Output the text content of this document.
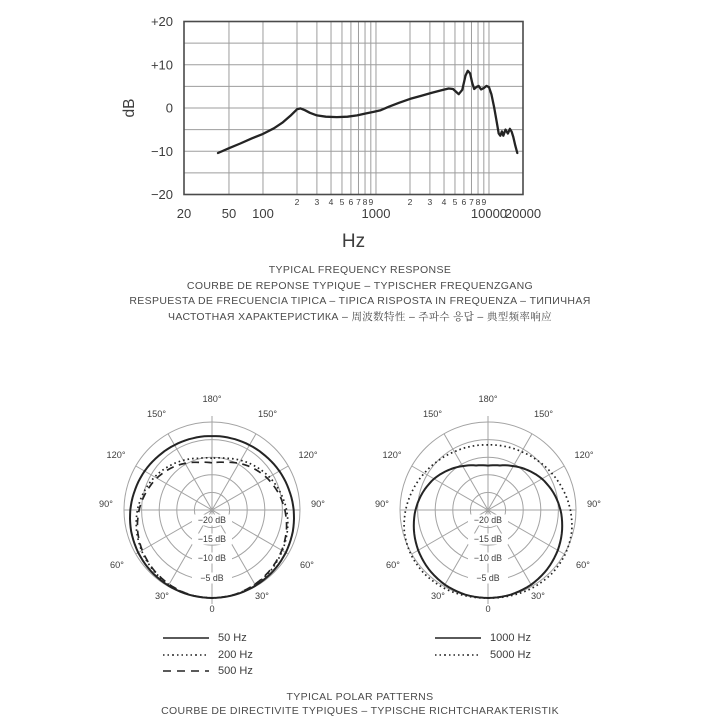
+20
+10
0
−10
−20
20 50 100	1000	10000
20000
2 3 4 5 6 7 8 9	2 3 4 5 6 7 8 9
Hz
dB
−20 dB
−15 dB
−10 dB
−5 dB
180°
150°	150°
120°	120°
90°	90°
60°	60°
30°	30°
0
−20 dB
−15 dB
−10 dB
−5 dB
180°
150°	150°
120°	120°
90°	90°
60°	60°
30°	30°
0
TYPICAL FREQUENCY RESPONSE
COURBE DE REPONSE TYPIQUE – TYPISCHER FREQUENZGANG
RESPUESTA DE FRECUENCIA TIPICA – TIPICA RISPOSTA IN FREQUENZA – ТИПИЧНАЯ
ЧАСТОТНАЯ ХАРАКТЕРИСТИКА – 周波数特性 – 주파수 응답 – 典型频率响应
50 Hz
200 Hz
500 Hz
1000 Hz
5000 Hz
TYPICAL POLAR PATTERNS
COURBE DE DIRECTIVITE TYPIQUES – TYPISCHE RICHTCHARAKTERISTIK
